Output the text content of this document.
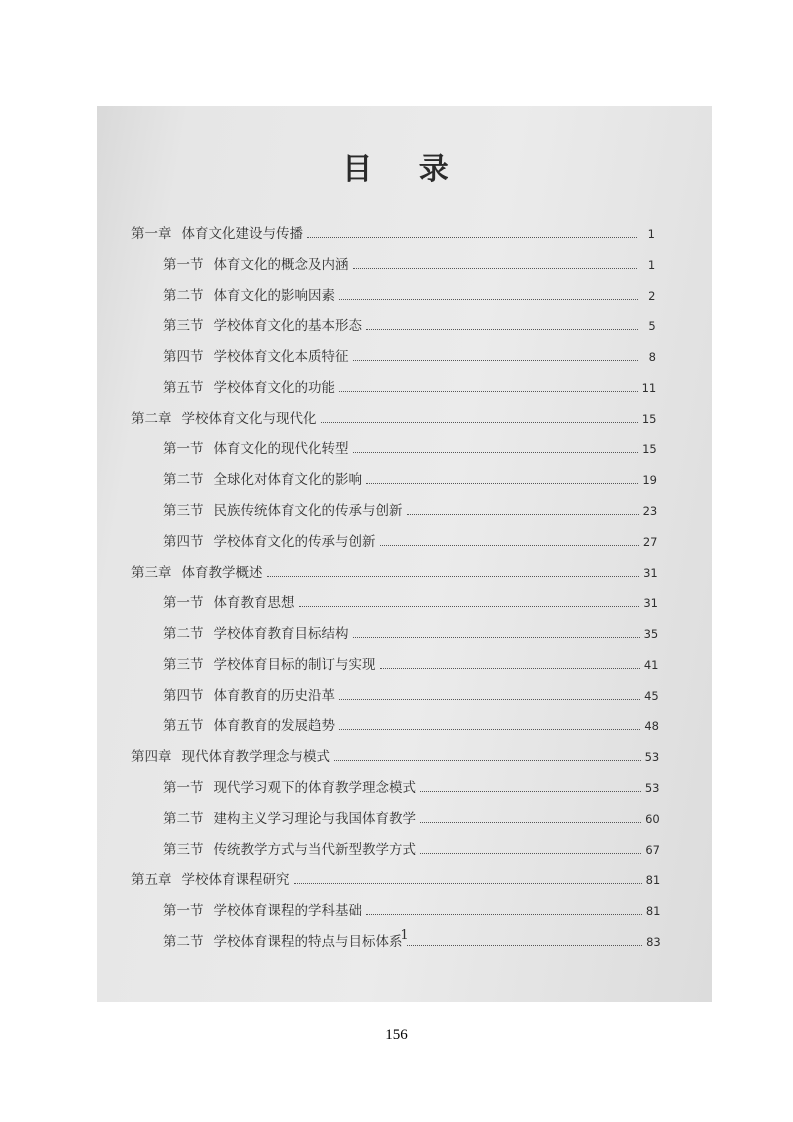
目 录
第一章 体育文化建设与传播	1
第一节 体育文化的概念及内涵	1
第二节 体育文化的影响因素	2
第三节 学校体育文化的基本形态	5
第四节 学校体育文化本质特征	8
第五节 学校体育文化的功能	11
第二章 学校体育文化与现代化	15
第一节 体育文化的现代化转型	15
第二节 全球化对体育文化的影响	19
第三节 民族传统体育文化的传承与创新	23
第四节 学校体育文化的传承与创新	27
第三章 体育教学概述	31
第一节 体育教育思想	31
第二节 学校体育教育目标结构	35
第三节 学校体育目标的制订与实现	41
第四节 体育教育的历史沿革	45
第五节 体育教育的发展趋势	48
第四章 现代体育教学理念与模式	53
第一节 现代学习观下的体育教学理念模式	53
第二节 建构主义学习理论与我国体育教学	60
第三节 传统教学方式与当代新型教学方式	67
第五章 学校体育课程研究	81
第一节 学校体育课程的学科基础	81
第二节 学校体育课程的特点与目标体系	83
1
156
